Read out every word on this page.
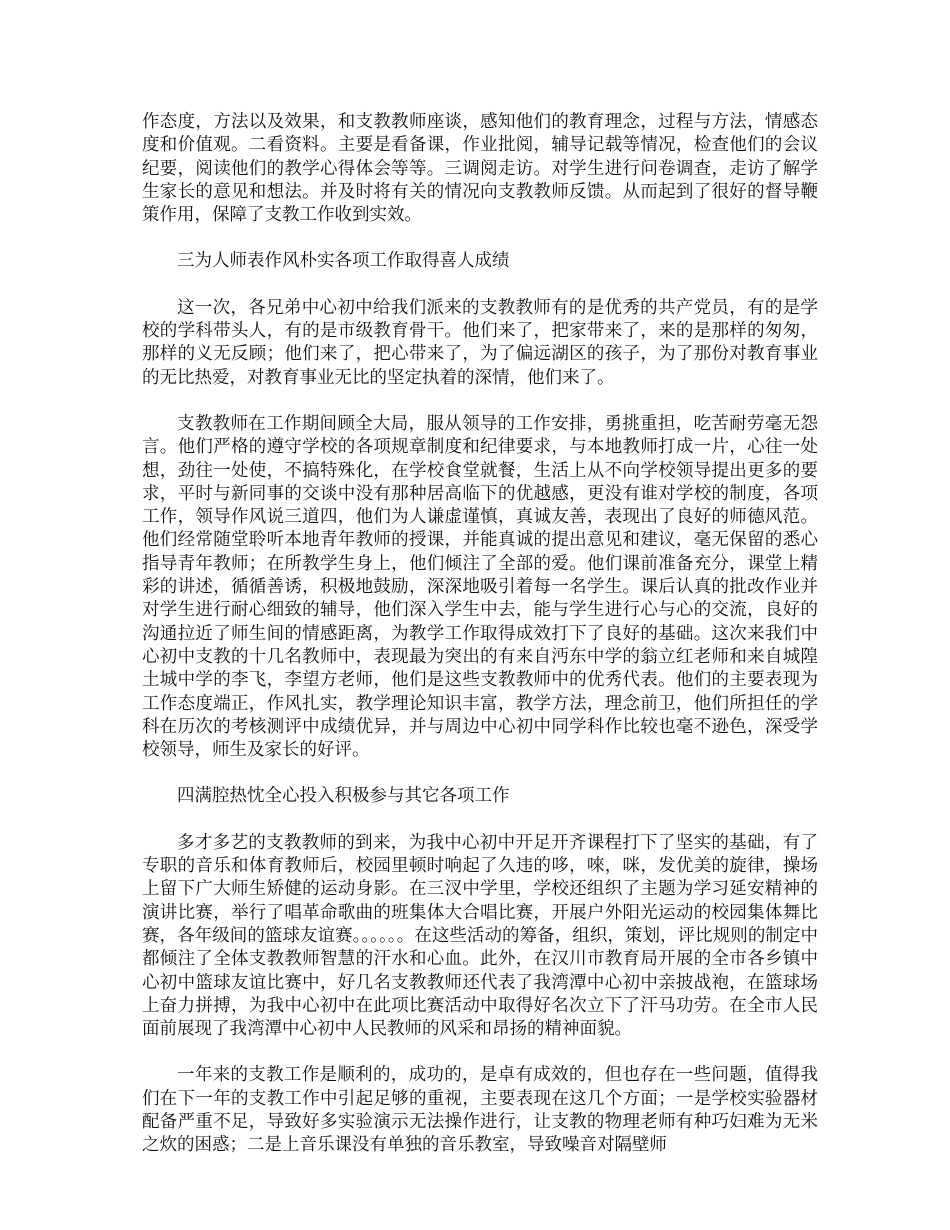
作态度，方法以及效果，和支教教师座谈，感知他们的教育理念，过程与方法，情感态度和价值观。二看资料。主要是看备课，作业批阅，辅导记载等情况，检查他们的会议纪要，阅读他们的教学心得体会等等。三调阅走访。对学生进行问卷调查，走访了解学生家长的意见和想法。并及时将有关的情况向支教教师反馈。从而起到了很好的督导鞭策作用，保障了支教工作收到实效。

三为人师表作风朴实各项工作取得喜人成绩

这一次，各兄弟中心初中给我们派来的支教教师有的是优秀的共产党员，有的是学校的学科带头人，有的是市级教育骨干。他们来了，把家带来了，来的是那样的匆匆，那样的义无反顾；他们来了，把心带来了，为了偏远湖区的孩子，为了那份对教育事业的无比热爱，对教育事业无比的坚定执着的深情，他们来了。

支教教师在工作期间顾全大局，服从领导的工作安排，勇挑重担，吃苦耐劳毫无怨言。他们严格的遵守学校的各项规章制度和纪律要求，与本地教师打成一片，心往一处想，劲往一处使，不搞特殊化，在学校食堂就餐，生活上从不向学校领导提出更多的要求，平时与新同事的交谈中没有那种居高临下的优越感，更没有谁对学校的制度，各项工作，领导作风说三道四，他们为人谦虚谨慎，真诚友善，表现出了良好的师德风范。他们经常随堂聆听本地青年教师的授课，并能真诚的提出意见和建议，毫无保留的悉心指导青年教师；在所教学生身上，他们倾注了全部的爱。他们课前准备充分，课堂上精彩的讲述，循循善诱，积极地鼓励，深深地吸引着每一名学生。课后认真的批改作业并对学生进行耐心细致的辅导，他们深入学生中去，能与学生进行心与心的交流，良好的沟通拉近了师生间的情感距离，为教学工作取得成效打下了良好的基础。这次来我们中心初中支教的十几名教师中，表现最为突出的有来自沔东中学的翁立红老师和来自城隍土城中学的李飞，李望方老师，他们是这些支教教师中的优秀代表。他们的主要表现为工作态度端正，作风扎实，教学理论知识丰富，教学方法，理念前卫，他们所担任的学科在历次的考核测评中成绩优异，并与周边中心初中同学科作比较也毫不逊色，深受学校领导，师生及家长的好评。

四满腔热忱全心投入积极参与其它各项工作

多才多艺的支教教师的到来，为我中心初中开足开齐课程打下了坚实的基础，有了专职的音乐和体育教师后，校园里顿时响起了久违的哆，唻，咪，发优美的旋律，操场上留下广大师生矫健的运动身影。在三汊中学里，学校还组织了主题为学习延安精神的演讲比赛，举行了唱革命歌曲的班集体大合唱比赛，开展户外阳光运动的校园集体舞比赛，各年级间的篮球友谊赛。。。。。。在这些活动的筹备，组织，策划，评比规则的制定中都倾注了全体支教教师智慧的汗水和心血。此外，在汉川市教育局开展的全市各乡镇中心初中篮球友谊比赛中，好几名支教教师还代表了我湾潭中心初中亲披战袍，在篮球场上奋力拼搏，为我中心初中在此项比赛活动中取得好名次立下了汗马功劳。在全市人民面前展现了我湾潭中心初中人民教师的风采和昂扬的精神面貌。

一年来的支教工作是顺利的，成功的，是卓有成效的，但也存在一些问题，值得我们在下一年的支教工作中引起足够的重视，主要表现在这几个方面；一是学校实验器材配备严重不足，导致好多实验演示无法操作进行，让支教的物理老师有种巧妇难为无米之炊的困惑；二是上音乐课没有单独的音乐教室，导致噪音对隔壁师
